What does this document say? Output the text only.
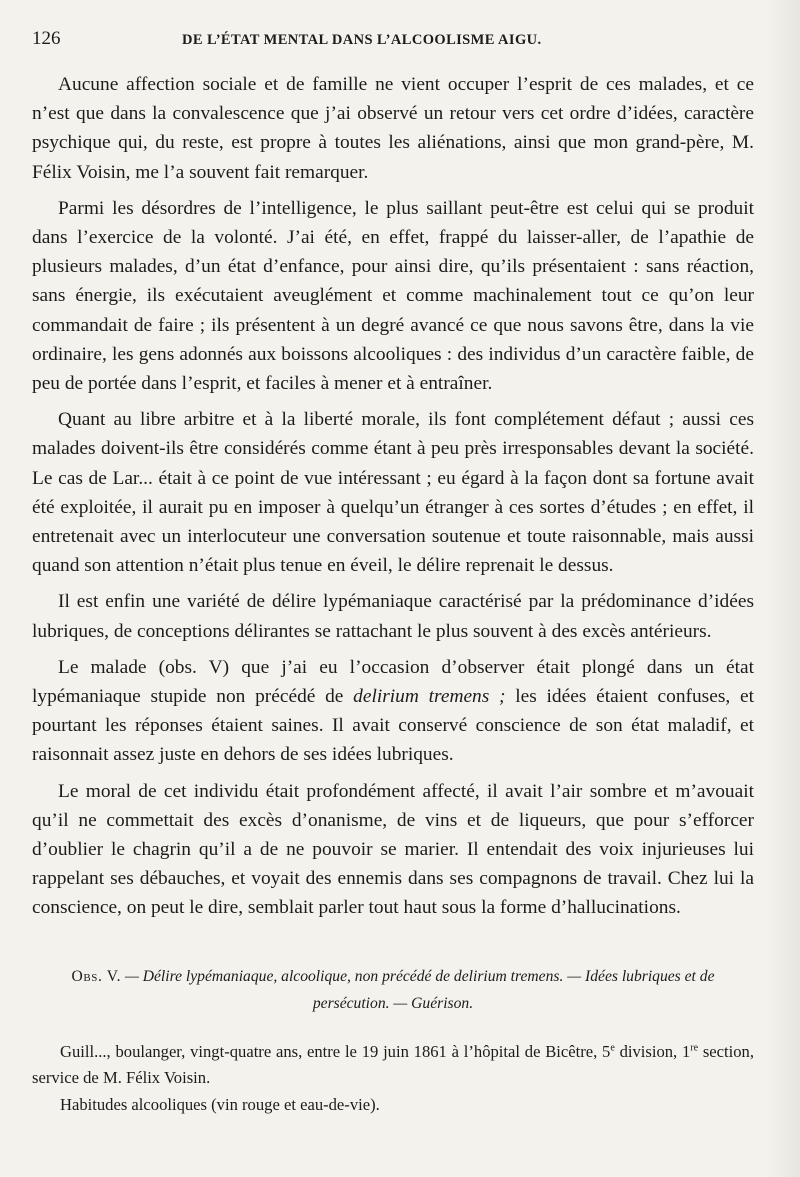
126	DE L’ÉTAT MENTAL DANS L’ALCOOLISME AIGU.

Aucune affection sociale et de famille ne vient occuper l’esprit de ces malades, et ce n’est que dans la convalescence que j’ai observé un retour vers cet ordre d’idées, caractère psychique qui, du reste, est propre à toutes les aliénations, ainsi que mon grand-père, M. Félix Voisin, me l’a souvent fait remarquer.

Parmi les désordres de l’intelligence, le plus saillant peut-être est celui qui se produit dans l’exercice de la volonté. J’ai été, en effet, frappé du laisser-aller, de l’apathie de plusieurs malades, d’un état d’enfance, pour ainsi dire, qu’ils présentaient : sans réaction, sans énergie, ils exécutaient aveuglément et comme machinalement tout ce qu’on leur commandait de faire ; ils présentent à un degré avancé ce que nous savons être, dans la vie ordinaire, les gens adonnés aux boissons alcooliques : des individus d’un caractère faible, de peu de portée dans l’esprit, et faciles à mener et à entraîner.

Quant au libre arbitre et à la liberté morale, ils font complétement défaut ; aussi ces malades doivent-ils être considérés comme étant à peu près irresponsables devant la société. Le cas de Lar... était à ce point de vue intéressant ; eu égard à la façon dont sa fortune avait été exploitée, il aurait pu en imposer à quelqu’un étranger à ces sortes d’études ; en effet, il entretenait avec un interlocuteur une conversation soutenue et toute raisonnable, mais aussi quand son attention n’était plus tenue en éveil, le délire reprenait le dessus.

Il est enfin une variété de délire lypémaniaque caractérisé par la prédominance d’idées lubriques, de conceptions délirantes se rattachant le plus souvent à des excès antérieurs.

Le malade (obs. V) que j’ai eu l’occasion d’observer était plongé dans un état lypémaniaque stupide non précédé de delirium tremens ; les idées étaient confuses, et pourtant les réponses étaient saines. Il avait conservé conscience de son état maladif, et raisonnait assez juste en dehors de ses idées lubriques.

Le moral de cet individu était profondément affecté, il avait l’air sombre et m’avouait qu’il ne commettait des excès d’onanisme, de vins et de liqueurs, que pour s’efforcer d’oublier le chagrin qu’il a de ne pouvoir se marier. Il entendait des voix injurieuses lui rappelant ses débauches, et voyait des ennemis dans ses compagnons de travail. Chez lui la conscience, on peut le dire, semblait parler tout haut sous la forme d’hallucinations.

Obs. V. — Délire lypémaniaque, alcoolique, non précédé de delirium tremens. — Idées lubriques et de persécution. — Guérison.

Guill..., boulanger, vingt-quatre ans, entre le 19 juin 1861 à l’hôpital de Bicêtre, 5e division, 1re section, service de M. Félix Voisin.

Habitudes alcooliques (vin rouge et eau-de-vie).
